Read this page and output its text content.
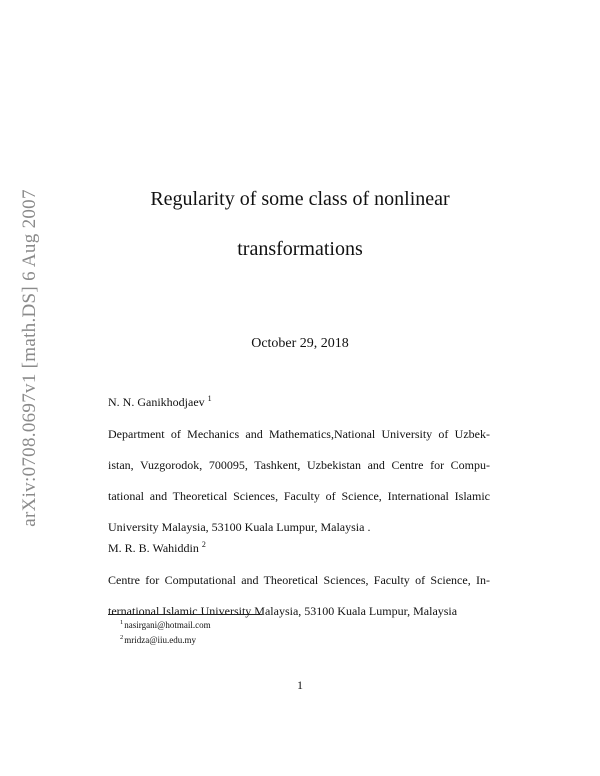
arXiv:0708.0697v1 [math.DS] 6 Aug 2007	Regularity of some class of nonlinear
transformations
October 29, 2018
N. N. Ganikhodjaev $^1$
Department of Mechanics and Mathematics,National University of Uzbek- istan, Vuzgorodok, 700095, Tashkent, Uzbekistan and Centre for Compu- tational and Theoretical Sciences, Faculty of Science, International Islamic University Malaysia, 53100 Kuala Lumpur, Malaysia .
M. R. B. Wahiddin $^2$
Centre for Computational and Theoretical Sciences, Faculty of Science, In- ternational Islamic University Malaysia, 53100 Kuala Lumpur, Malaysia
$^1$nasirgani@hotmail.com
$^2$mridza@iiu.edu.my
1
